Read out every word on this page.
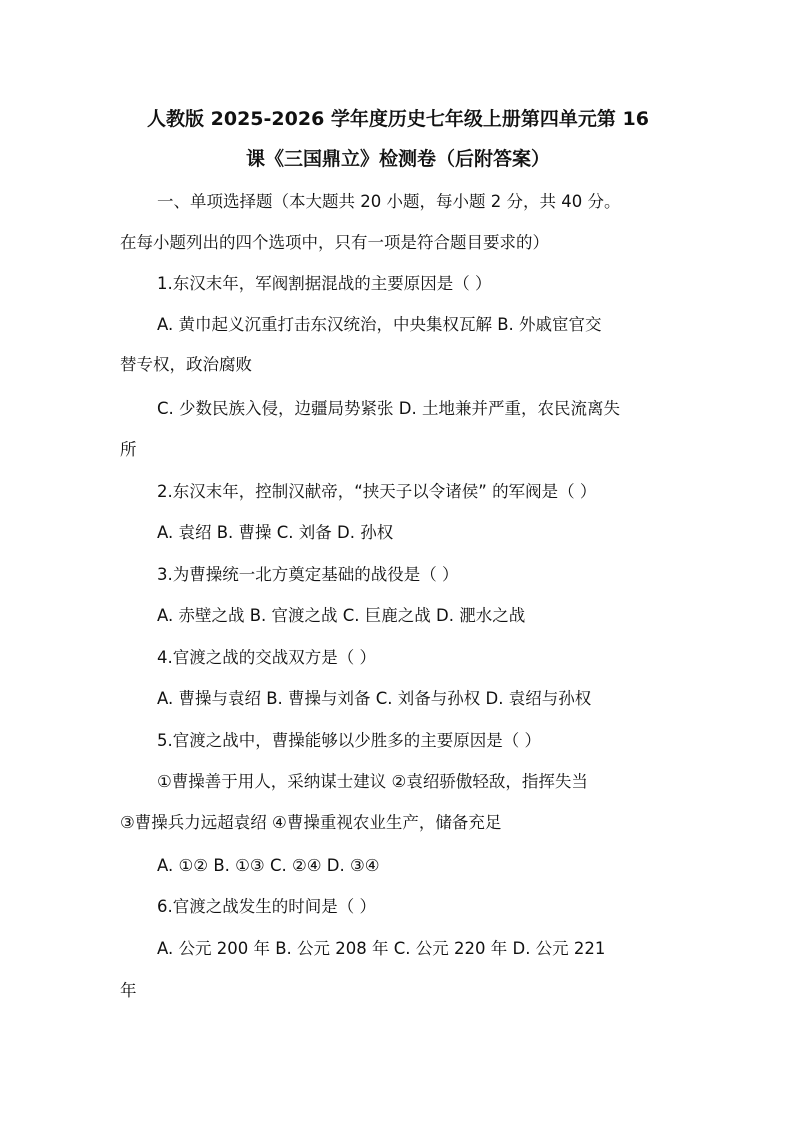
人教版 2025-2026 学年度历史七年级上册第四单元第 16
课《三国鼎立》检测卷（后附答案）
一、单项选择题（本大题共 20 小题，每小题 2 分，共 40 分。
在每小题列出的四个选项中，只有一项是符合题目要求的）
1.东汉末年，军阀割据混战的主要原因是（ ）
A. 黄巾起义沉重打击东汉统治，中央集权瓦解 B. 外戚宦官交
替专权，政治腐败
C. 少数民族入侵，边疆局势紧张 D. 土地兼并严重，农民流离失
所
2.东汉末年，控制汉献帝，“挟天子以令诸侯” 的军阀是（ ）
A. 袁绍 B. 曹操 C. 刘备 D. 孙权
3.为曹操统一北方奠定基础的战役是（ ）
A. 赤壁之战 B. 官渡之战 C. 巨鹿之战 D. 淝水之战
4.官渡之战的交战双方是（ ）
A. 曹操与袁绍 B. 曹操与刘备 C. 刘备与孙权 D. 袁绍与孙权
5.官渡之战中，曹操能够以少胜多的主要原因是（ ）
①曹操善于用人，采纳谋士建议 ②袁绍骄傲轻敌，指挥失当
③曹操兵力远超袁绍 ④曹操重视农业生产，储备充足
A. ①② B. ①③ C. ②④ D. ③④
6.官渡之战发生的时间是（ ）
A. 公元 200 年 B. 公元 208 年 C. 公元 220 年 D. 公元 221
年
